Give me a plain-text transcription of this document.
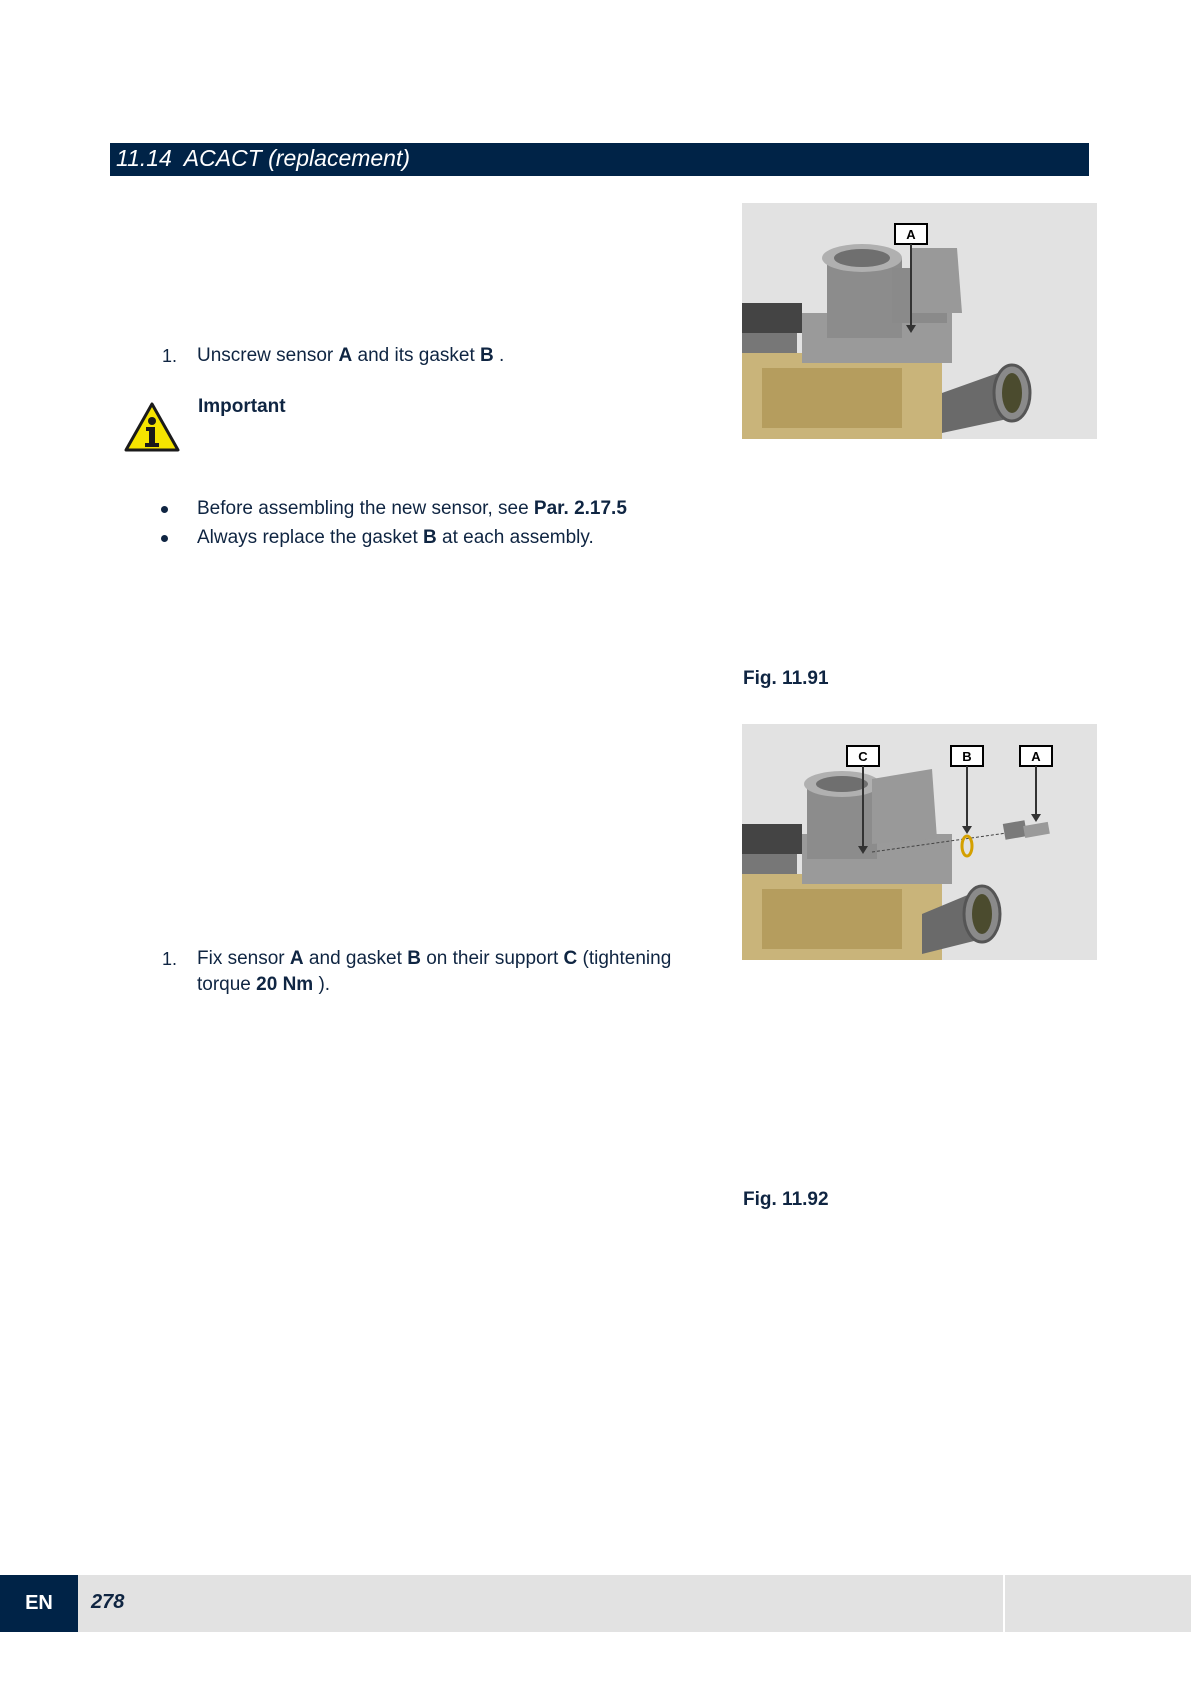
11.14 ACACT (replacement)
1. Unscrew sensor A and its gasket B .
Important
Before assembling the new sensor, see Par. 2.17.5
Always replace the gasket B at each assembly.
A
Fig. 11.91
1. Fix sensor A and gasket B on their support C (tightening
torque 20 Nm ).
C	B	A
Fig. 11.92
EN	278
